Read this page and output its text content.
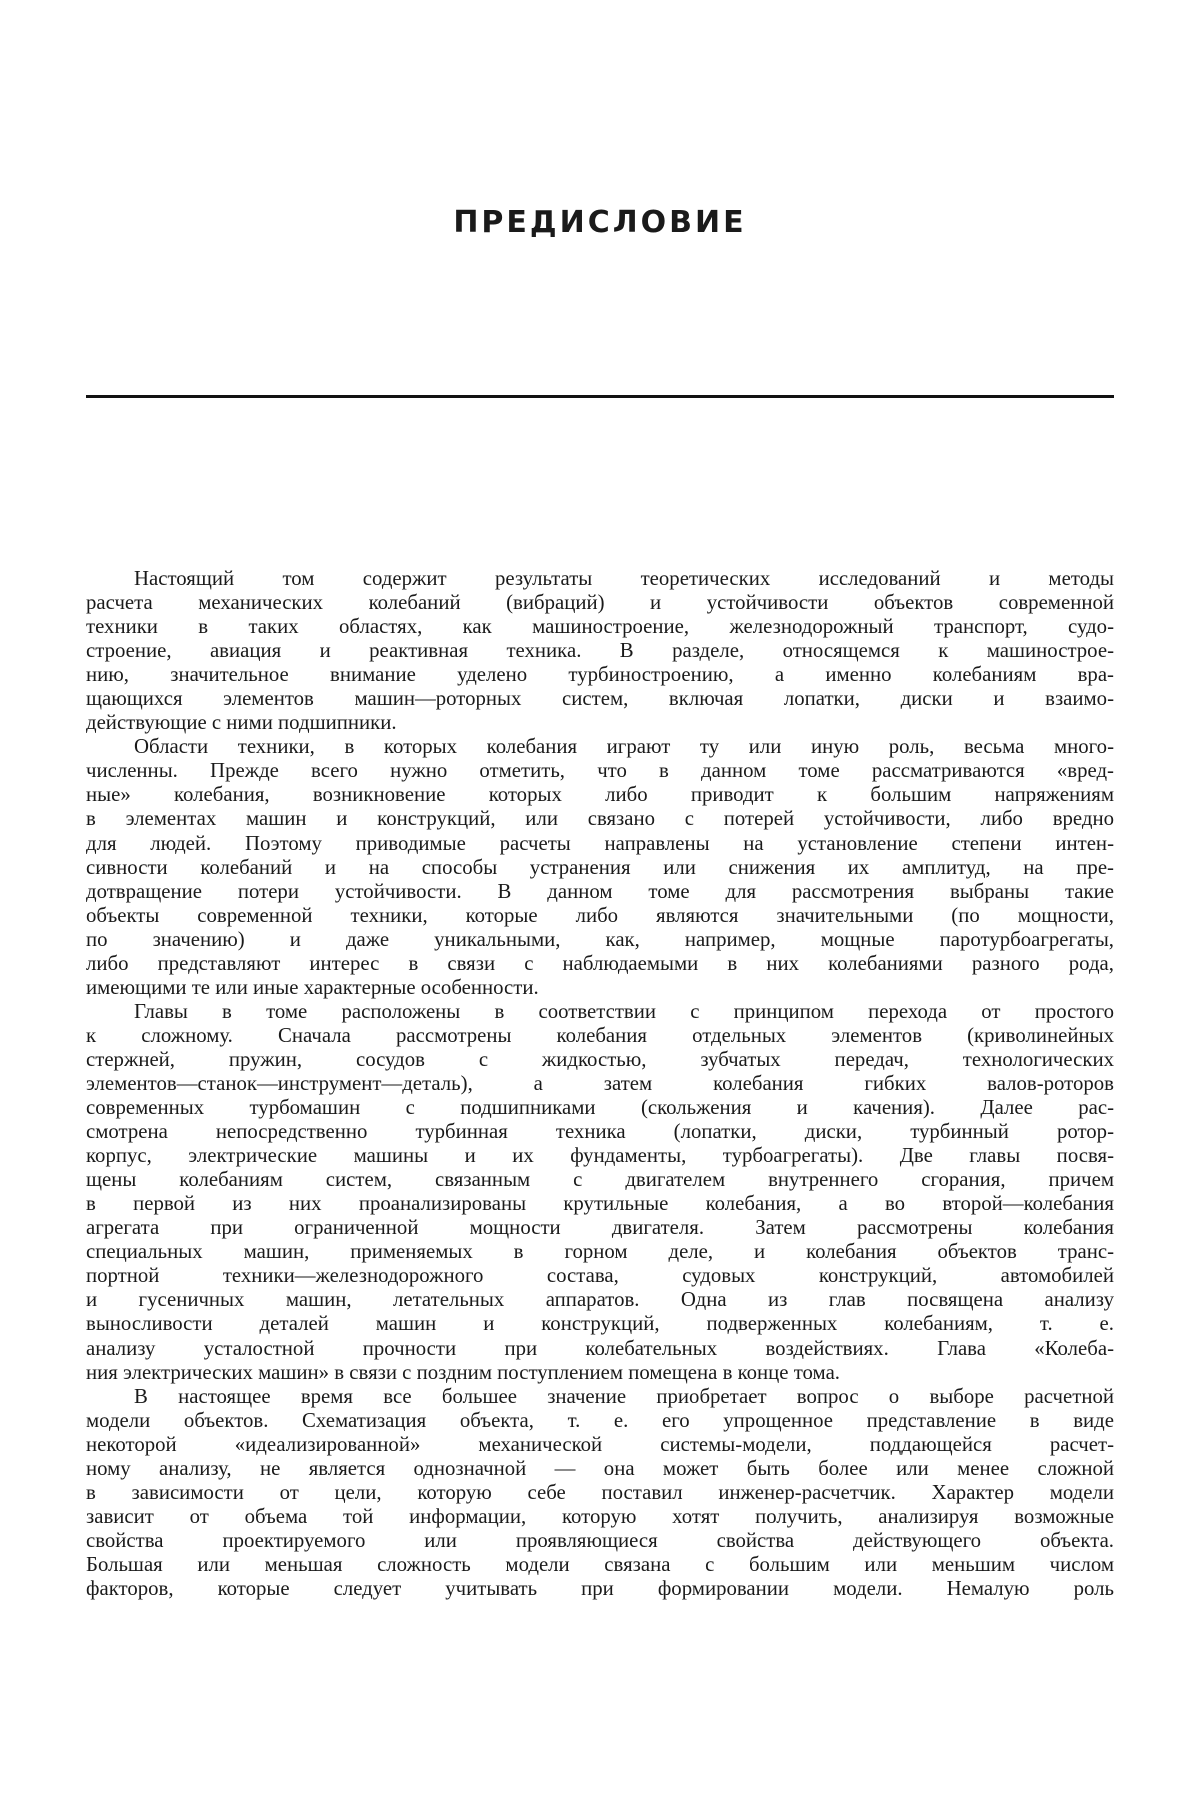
ПРЕДИСЛОВИЕ
Настоящий том содержит результаты теоретических исследований и методы
расчета механических колебаний (вибраций) и устойчивости объектов современной
техники в таких областях, как машиностроение, железнодорожный транспорт, судо-
строение, авиация и реактивная техника. В разделе, относящемся к машинострое-
нию, значительное внимание уделено турбиностроению, а именно колебаниям вра-
щающихся элементов машин—роторных систем, включая лопатки, диски и взаимо-
действующие с ними подшипники.
Области техники, в которых колебания играют ту или иную роль, весьма много-
численны. Прежде всего нужно отметить, что в данном томе рассматриваются «вред-
ные» колебания, возникновение которых либо приводит к большим напряжениям
в элементах машин и конструкций, или связано с потерей устойчивости, либо вредно
для людей. Поэтому приводимые расчеты направлены на установление степени интен-
сивности колебаний и на способы устранения или снижения их амплитуд, на пре-
дотвращение потери устойчивости. В данном томе для рассмотрения выбраны такие
объекты современной техники, которые либо являются значительными (по мощности,
по значению) и даже уникальными, как, например, мощные паротурбоагрегаты,
либо представляют интерес в связи с наблюдаемыми в них колебаниями разного рода,
имеющими те или иные характерные особенности.
Главы в томе расположены в соответствии с принципом перехода от простого
к сложному. Сначала рассмотрены колебания отдельных элементов (криволинейных
стержней, пружин, сосудов с жидкостью, зубчатых передач, технологических
элементов—станок—инструмент—деталь), а затем колебания гибких валов-роторов
современных турбомашин с подшипниками (скольжения и качения). Далее рас-
смотрена непосредственно турбинная техника (лопатки, диски, турбинный ротор-
корпус, электрические машины и их фундаменты, турбоагрегаты). Две главы посвя-
щены колебаниям систем, связанным с двигателем внутреннего сгорания, причем
в первой из них проанализированы крутильные колебания, а во второй—колебания
агрегата при ограниченной мощности двигателя. Затем рассмотрены колебания
специальных машин, применяемых в горном деле, и колебания объектов транс-
портной техники—железнодорожного состава, судовых конструкций, автомобилей
и гусеничных машин, летательных аппаратов. Одна из глав посвящена анализу
выносливости деталей машин и конструкций, подверженных колебаниям, т. е.
анализу усталостной прочности при колебательных воздействиях. Глава «Колеба-
ния электрических машин» в связи с поздним поступлением помещена в конце тома.
В настоящее время все большее значение приобретает вопрос о выборе расчетной
модели объектов. Схематизация объекта, т. е. его упрощенное представление в виде
некоторой «идеализированной» механической системы-модели, поддающейся расчет-
ному анализу, не является однозначной — она может быть более или менее сложной
в зависимости от цели, которую себе поставил инженер-расчетчик. Характер модели
зависит от объема той информации, которую хотят получить, анализируя возможные
свойства проектируемого или проявляющиеся свойства действующего объекта.
Большая или меньшая сложность модели связана с большим или меньшим числом
факторов, которые следует учитывать при формировании модели. Немалую роль
